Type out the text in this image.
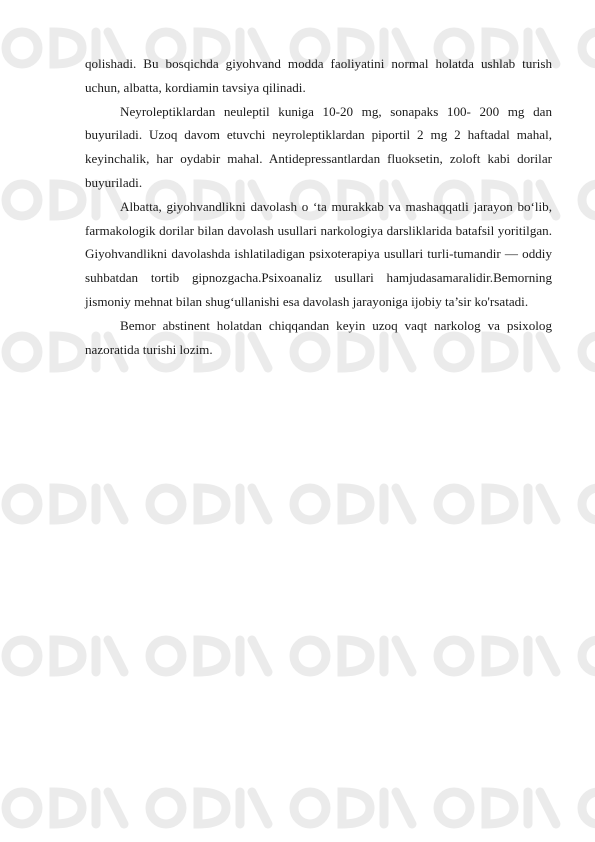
qolishadi. Bu bosqichda giyohvand modda faoliyatini normal holatda ushlab turish uchun, albatta, kordiamin tavsiya qilinadi.

Neyroleptiklardan neuleptil kuniga 10-20 mg, sonapaks 100- 200 mg dan buyuriladi. Uzoq davom etuvchi neyroleptiklardan piportil 2 mg 2 haftadal mahal, keyinchalik, har oydabir mahal. Antidepressantlardan fluoksetin, zoloft kabi dorilar buyuriladi.

Albatta, giyohvandlikni davolash o ‘ta murakkab va mashaqqatli jarayon bo‘lib, farmakologik dorilar bilan davolash usullari narkologiya darsliklarida batafsil yoritilgan. Giyohvandlikni davolashda ishlatiladigan psixoterapiya usullari turli-tumandir — oddiy suhbatdan tortib gipnozgacha.Psixoanaliz usullari hamjudasamaralidir.Bemorning jismoniy mehnat bilan shug‘ullanishi esa davolash jarayoniga ijobiy ta’sir ko'rsatadi.

Bemor abstinent holatdan chiqqandan keyin uzoq vaqt narkolog va psixolog nazoratida turishi lozim.
